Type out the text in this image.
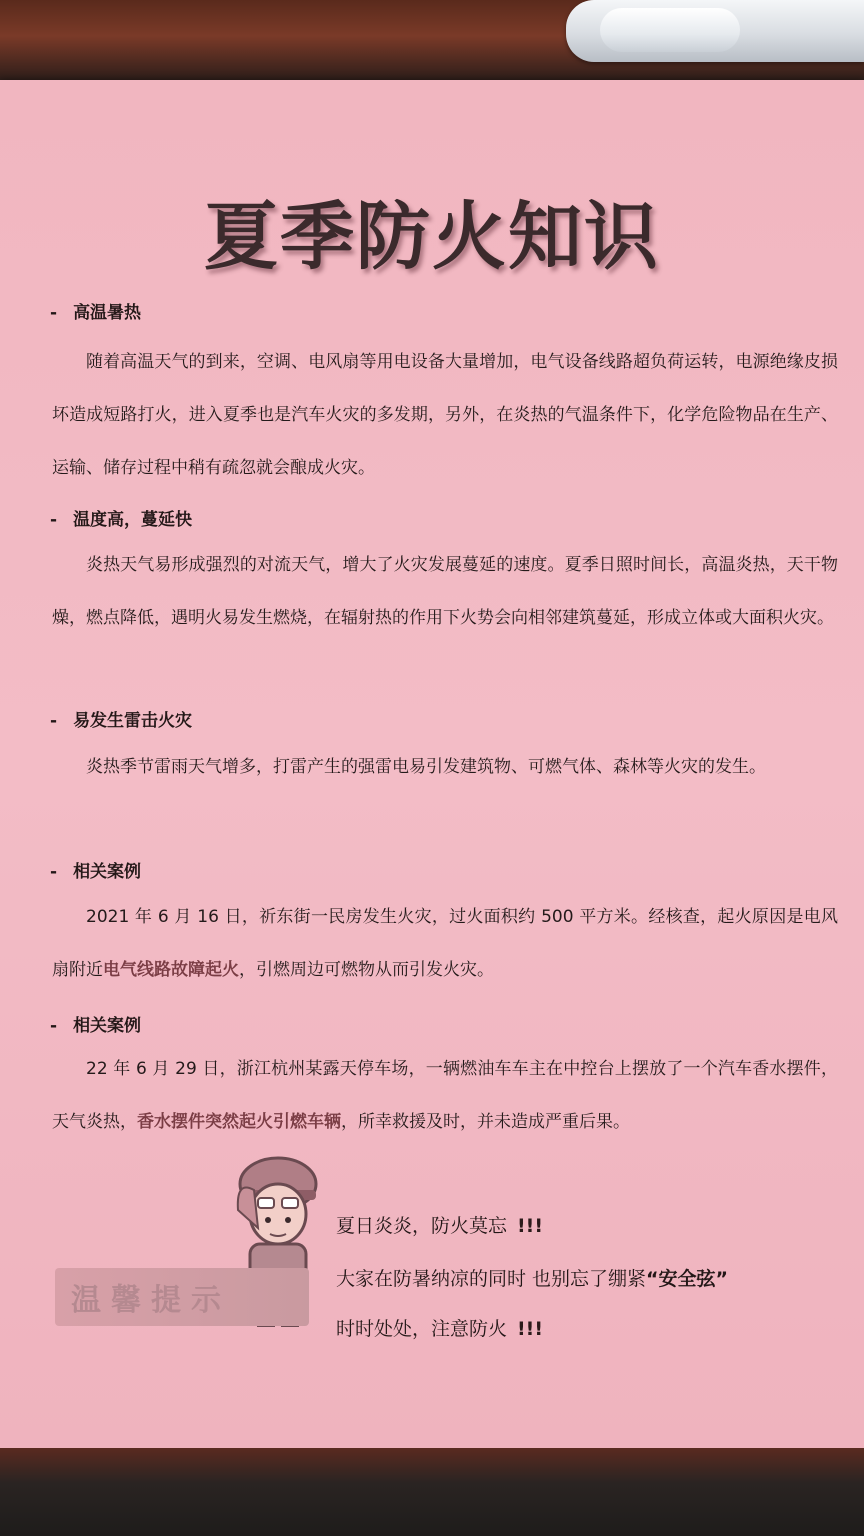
夏季防火知识
- 高温暑热
随着高温天气的到来，空调、电风扇等用电设备大量增加，电气设备线路超负荷运转，电源绝缘皮损坏造成短路打火，进入夏季也是汽车火灾的多发期，另外，在炎热的气温条件下，化学危险物品在生产、运输、储存过程中稍有疏忽就会酿成火灾。
- 温度高，蔓延快
炎热天气易形成强烈的对流天气，增大了火灾发展蔓延的速度。夏季日照时间长，高温炎热，天干物燥，燃点降低，遇明火易发生燃烧，在辐射热的作用下火势会向相邻建筑蔓延，形成立体或大面积火灾。
- 易发生雷击火灾
炎热季节雷雨天气增多，打雷产生的强雷电易引发建筑物、可燃气体、森林等火灾的发生。
- 相关案例
2021 年 6 月 16 日，祈东街一民房发生火灾，过火面积约 500 平方米。经核查，起火原因是电风扇附近电气线路故障起火，引燃周边可燃物从而引发火灾。
- 相关案例
22 年 6 月 29 日，浙江杭州某露天停车场，一辆燃油车车主在中控台上摆放了一个汽车香水摆件，天气炎热，香水摆件突然起火引燃车辆，所幸救援及时，并未造成严重后果。
温馨提示
夏日炎炎，防火莫忘 !!!
大家在防暑纳凉的同时 也别忘了绷紧“安全弦”
时时处处，注意防火 !!!
